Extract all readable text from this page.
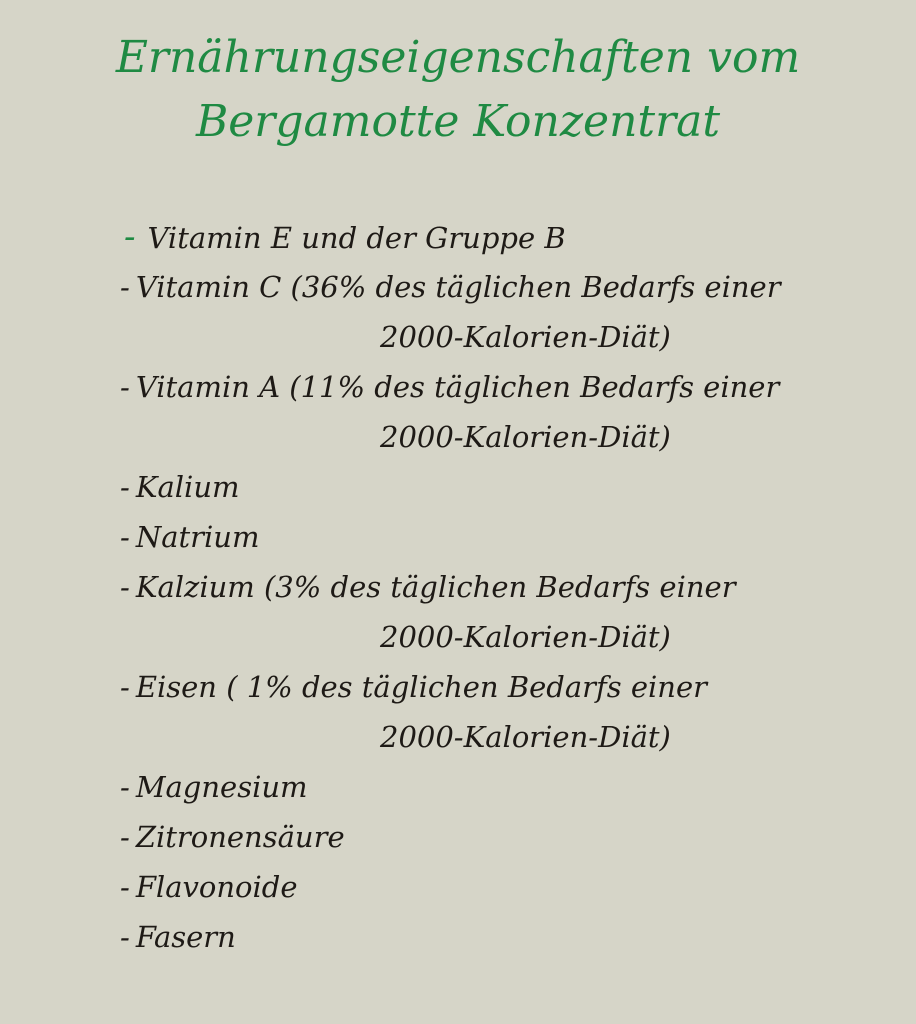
Ernährungseigenschaften vom
Bergamotte Konzentrat
- Vitamin E und der Gruppe B
- Vitamin C (36% des täglichen Bedarfs einer
2000-Kalorien-Diät)
- Vitamin A (11% des täglichen Bedarfs einer
2000-Kalorien-Diät)
- Kalium
- Natrium
- Kalzium (3% des täglichen Bedarfs einer
2000-Kalorien-Diät)
- Eisen ( 1% des täglichen Bedarfs einer
2000-Kalorien-Diät)
- Magnesium
- Zitronensäure
- Flavonoide
- Fasern
